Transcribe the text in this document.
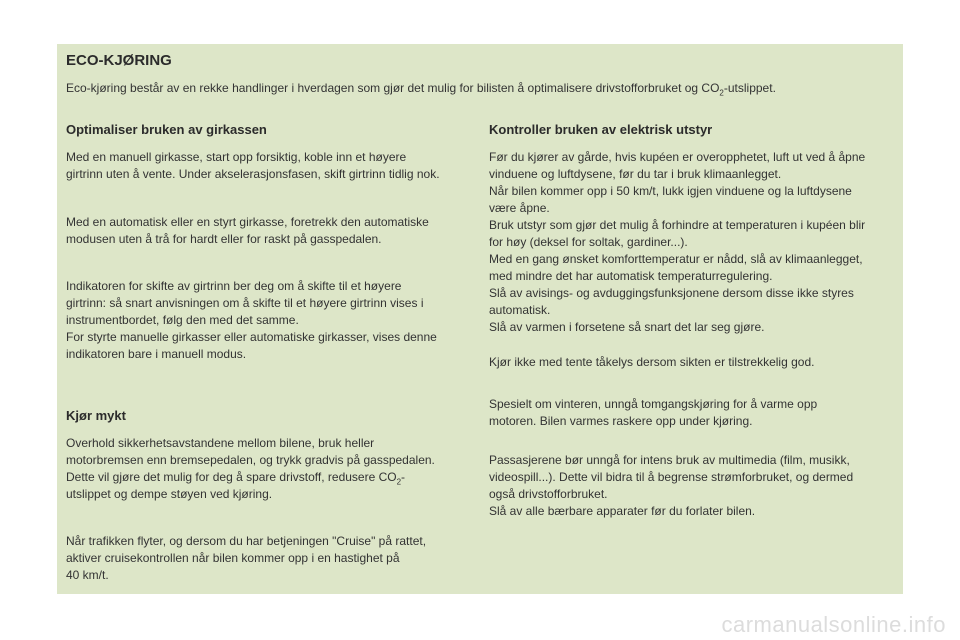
ECO-KJØRING

Eco-kjøring består av en rekke handlinger i hverdagen som gjør det mulig for bilisten å optimalisere drivstofforbruket og $CO_2$-utslippet.

Optimaliser bruken av girkassen

Med en manuell girkasse, start opp forsiktig, koble inn et høyere
girtrinn uten å vente. Under akselerasjonsfasen, skift girtrinn tidlig nok.

Med en automatisk eller en styrt girkasse, foretrekk den automatiske
modusen uten å trå for hardt eller for raskt på gasspedalen.

Indikatoren for skifte av girtrinn ber deg om å skifte til et høyere
girtrinn: så snart anvisningen om å skifte til et høyere girtrinn vises i
instrumentbordet, følg den med det samme.
For styrte manuelle girkasser eller automatiske girkasser, vises denne
indikatoren bare i manuell modus.

Kjør mykt

Overhold sikkerhetsavstandene mellom bilene, bruk heller
motorbremsen enn bremsepedalen, og trykk gradvis på gasspedalen.
Dette vil gjøre det mulig for deg å spare drivstoff, redusere $CO_2-$
utslippet og dempe støyen ved kjøring.

Når trafikken flyter, og dersom du har betjeningen "Cruise" på rattet,
aktiver cruisekontrollen når bilen kommer opp i en hastighet på
40 km/t.

Kontroller bruken av elektrisk utstyr

Før du kjører av gårde, hvis kupéen er overopphetet, luft ut ved å åpne
vinduene og luftdysene, før du tar i bruk klimaanlegget.
Når bilen kommer opp i 50 km/t, lukk igjen vinduene og la luftdysene
være åpne.
Bruk utstyr som gjør det mulig å forhindre at temperaturen i kupéen blir
for høy (deksel for soltak, gardiner...).
Med en gang ønsket komforttemperatur er nådd, slå av klimaanlegget,
med mindre det har automatisk temperaturregulering.
Slå av avisings- og avduggingsfunksjonene dersom disse ikke styres
automatisk.
Slå av varmen i forsetene så snart det lar seg gjøre.

Kjør ikke med tente tåkelys dersom sikten er tilstrekkelig god.

Spesielt om vinteren, unngå tomgangskjøring for å varme opp
motoren. Bilen varmes raskere opp under kjøring.

Passasjerene bør unngå for intens bruk av multimedia (film, musikk,
videospill...). Dette vil bidra til å begrense strømforbruket, og dermed
også drivstofforbruket.
Slå av alle bærbare apparater før du forlater bilen.

carmanualsonline.info
